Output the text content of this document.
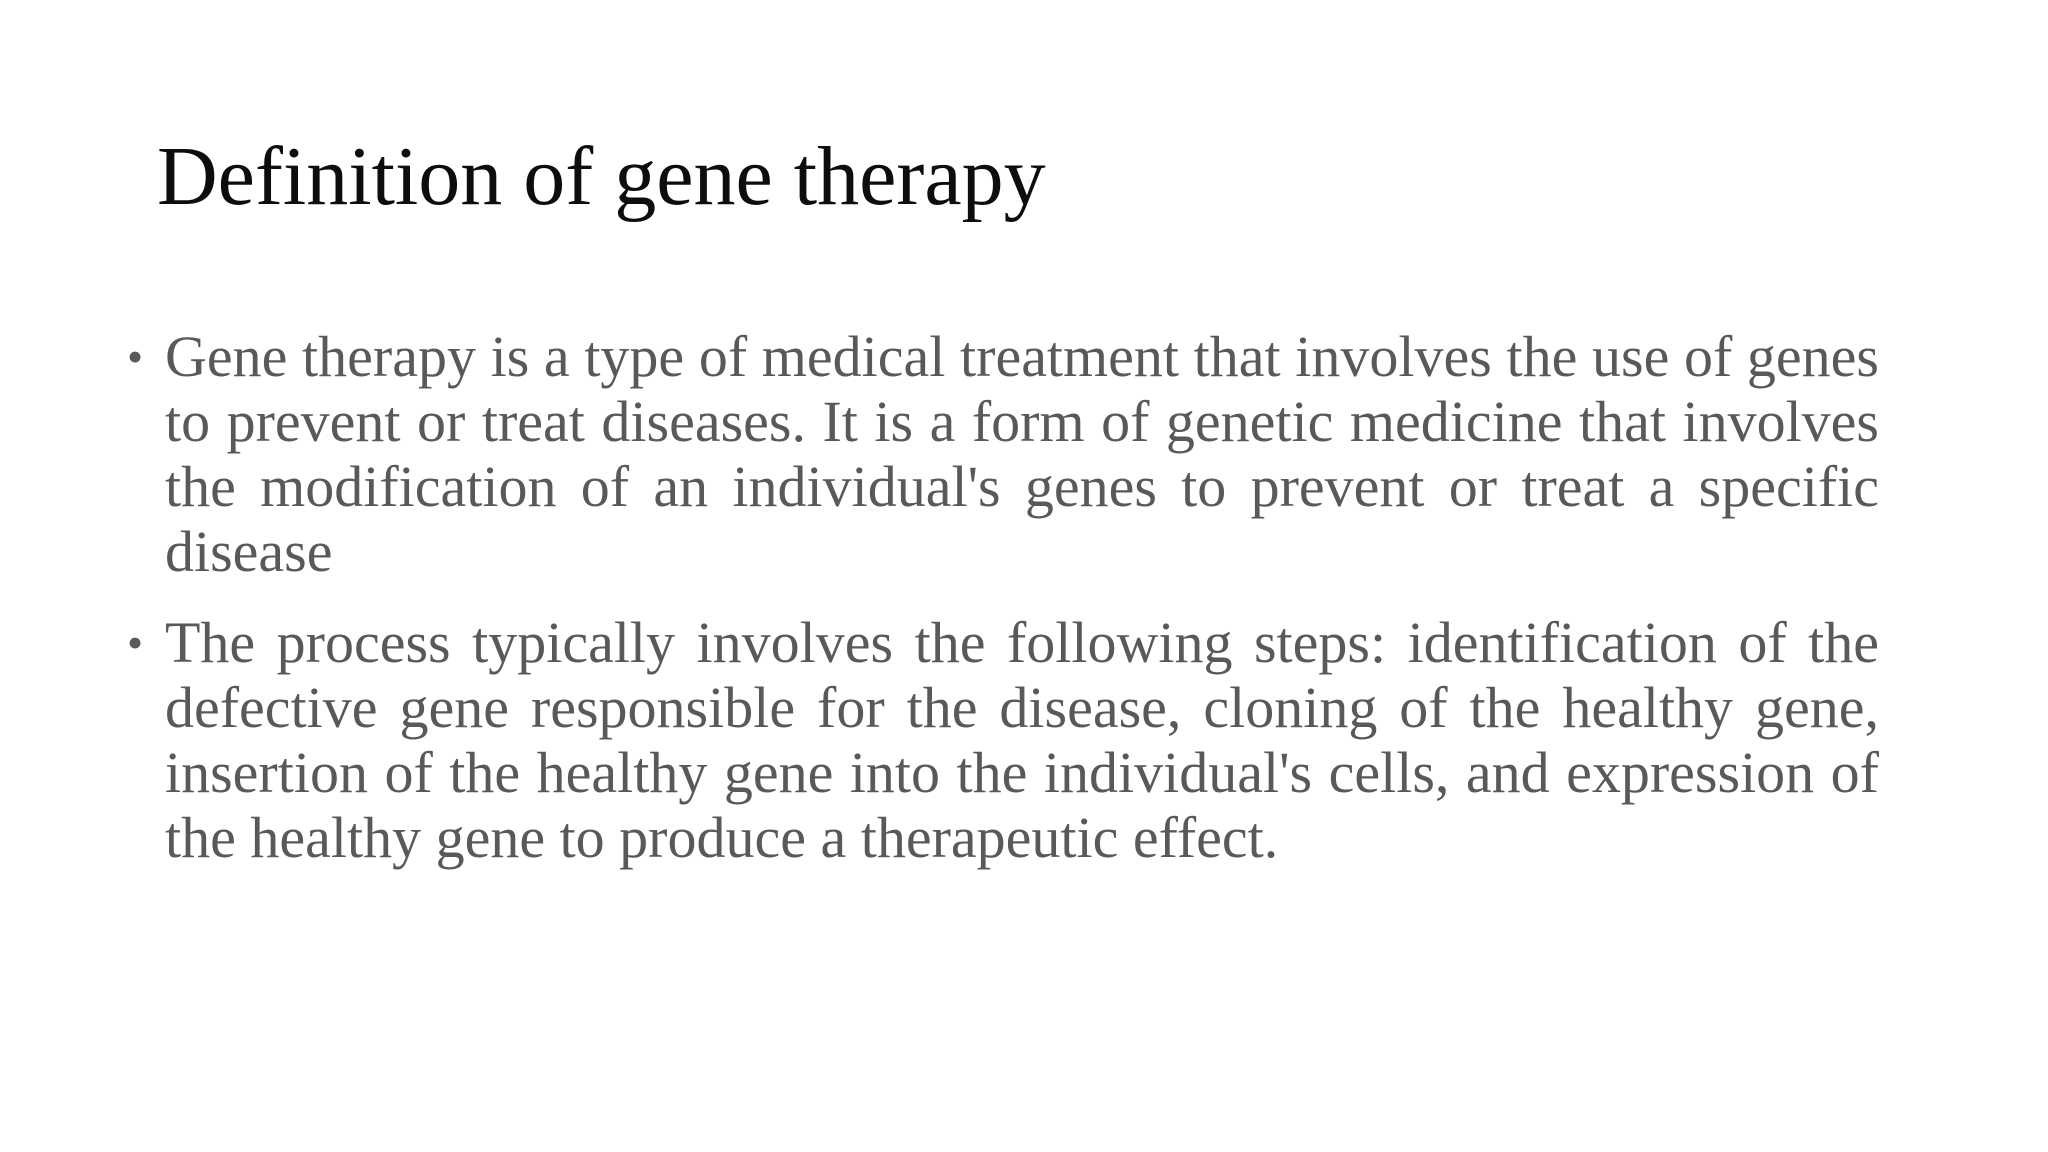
Definition of gene therapy
• Gene therapy is a type of medical treatment that involves the use of genes to prevent or treat diseases. It is a form of genetic medicine that involves the modification of an individual's genes to prevent or treat a specific disease
• The process typically involves the following steps: identification of the defective gene responsible for the disease, cloning of the healthy gene, insertion of the healthy gene into the individual's cells, and expression of the healthy gene to produce a therapeutic effect.
